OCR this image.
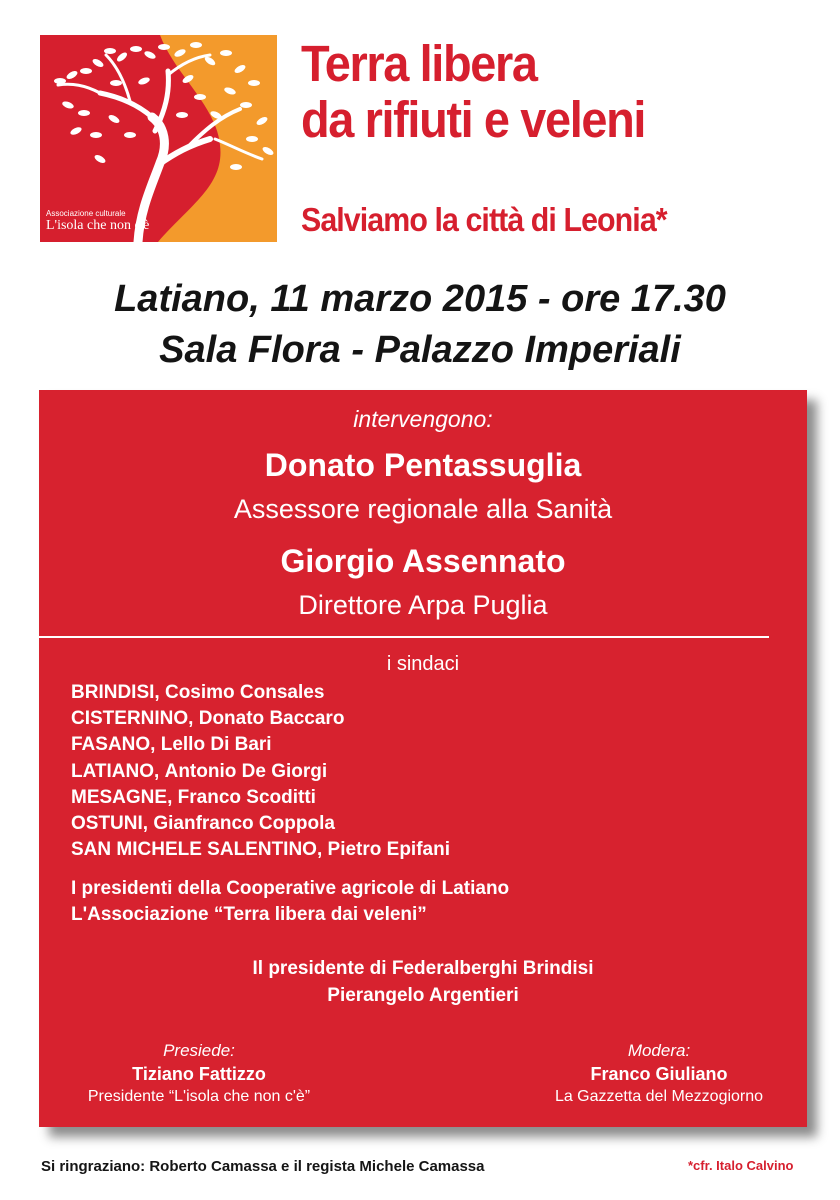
Associazione culturale
L'isola che non c'è
Terra libera
da rifiuti e veleni
Salviamo la città di Leonia*
Latiano, 11 marzo 2015 - ore 17.30
Sala Flora - Palazzo Imperiali
intervengono:
Donato Pentassuglia
Assessore regionale alla Sanità
Giorgio Assennato
Direttore Arpa Puglia
i sindaci
BRINDISI, Cosimo Consales
CISTERNINO, Donato Baccaro
FASANO, Lello Di Bari
LATIANO, Antonio De Giorgi
MESAGNE, Franco Scoditti
OSTUNI, Gianfranco Coppola
SAN MICHELE SALENTINO, Pietro Epifani
I presidenti della Cooperative agricole di Latiano
L'Associazione “Terra libera dai veleni”
Il presidente di Federalberghi Brindisi
Pierangelo Argentieri
Presiede:
Tiziano Fattizzo
Presidente “L'isola che non c'è”
Modera:
Franco Giuliano
La Gazzetta del Mezzogiorno
Si ringraziano: Roberto Camassa e il regista Michele Camassa	*cfr. Italo Calvino
